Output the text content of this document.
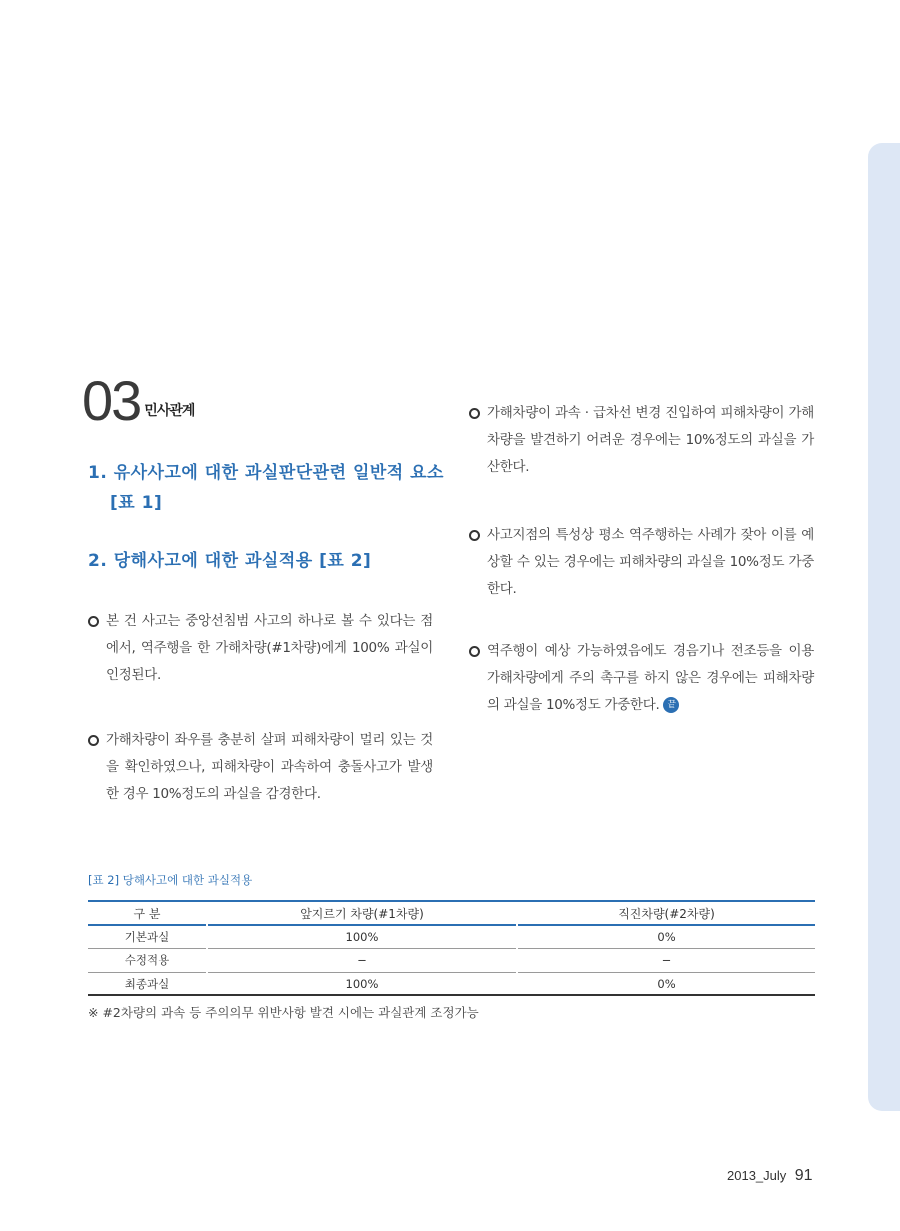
03 민사관계
1. 유사사고에 대한 과실판단관련 일반적 요소
[표 1]
2. 당해사고에 대한 과실적용 [표 2]
본 건 사고는 중앙선침범 사고의 하나로 볼 수 있다는 점에서, 역주행을 한 가해차량(#1차량)에게 100% 과실이 인정된다.
가해차량이 좌우를 충분히 살펴 피해차량이 멀리 있는 것을 확인하였으나, 피해차량이 과속하여 충돌사고가 발생한 경우 10%정도의 과실을 감경한다.
가해차량이 과속 · 급차선 변경 진입하여 피해차량이 가해차량을 발견하기 어려운 경우에는 10%정도의 과실을 가산한다.
사고지점의 특성상 평소 역주행하는 사례가 잦아 이를 예상할 수 있는 경우에는 피해차량의 과실을 10%정도 가중한다.
역주행이 예상 가능하였음에도 경음기나 전조등을 이용 가해차량에게 주의 촉구를 하지 않은 경우에는 피해차량의 과실을 10%정도 가중한다. 끝
[표 2] 당해사고에 대한 과실적용
구 분	앞지르기 차량(#1차량)	직진차량(#2차량)
기본과실	100%	0%
수정적용	−	−
최종과실	100%	0%
※ #2차량의 과속 등 주의의무 위반사항 발견 시에는 과실관계 조정가능
2013_July 91
